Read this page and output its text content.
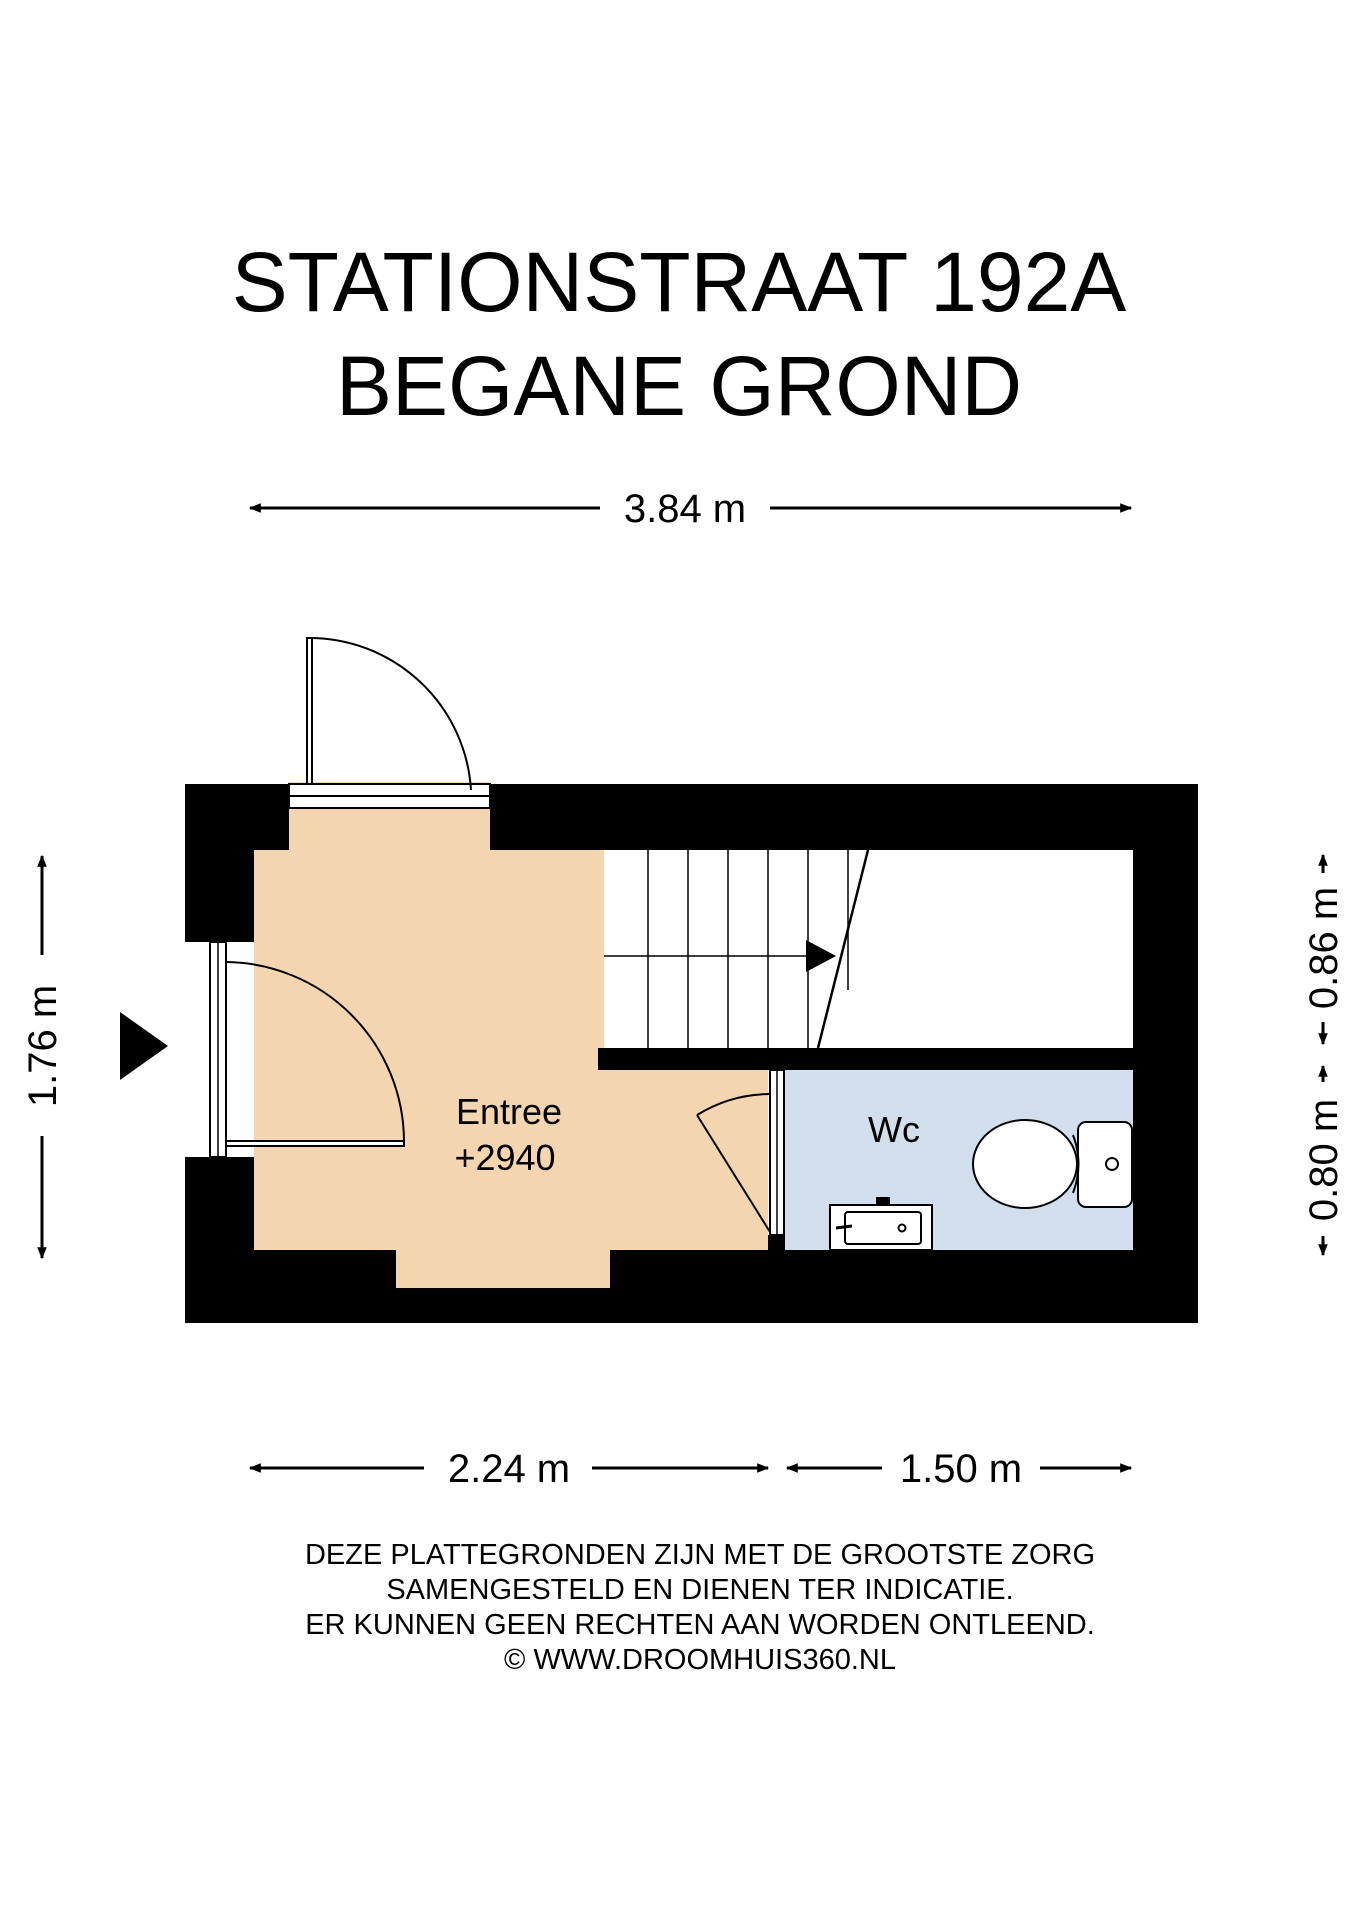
STATIONSTRAAT 192A
BEGANE GROND
3.84 m
Entree
+2940
Wc
1.76 m
0.86 m
0.80 m
2.24 m	1.50 m
DEZE PLATTEGRONDEN ZIJN MET DE GROOTSTE ZORG
SAMENGESTELD EN DIENEN TER INDICATIE.
ER KUNNEN GEEN RECHTEN AAN WORDEN ONTLEEND.
© WWW.DROOMHUIS360.NL
